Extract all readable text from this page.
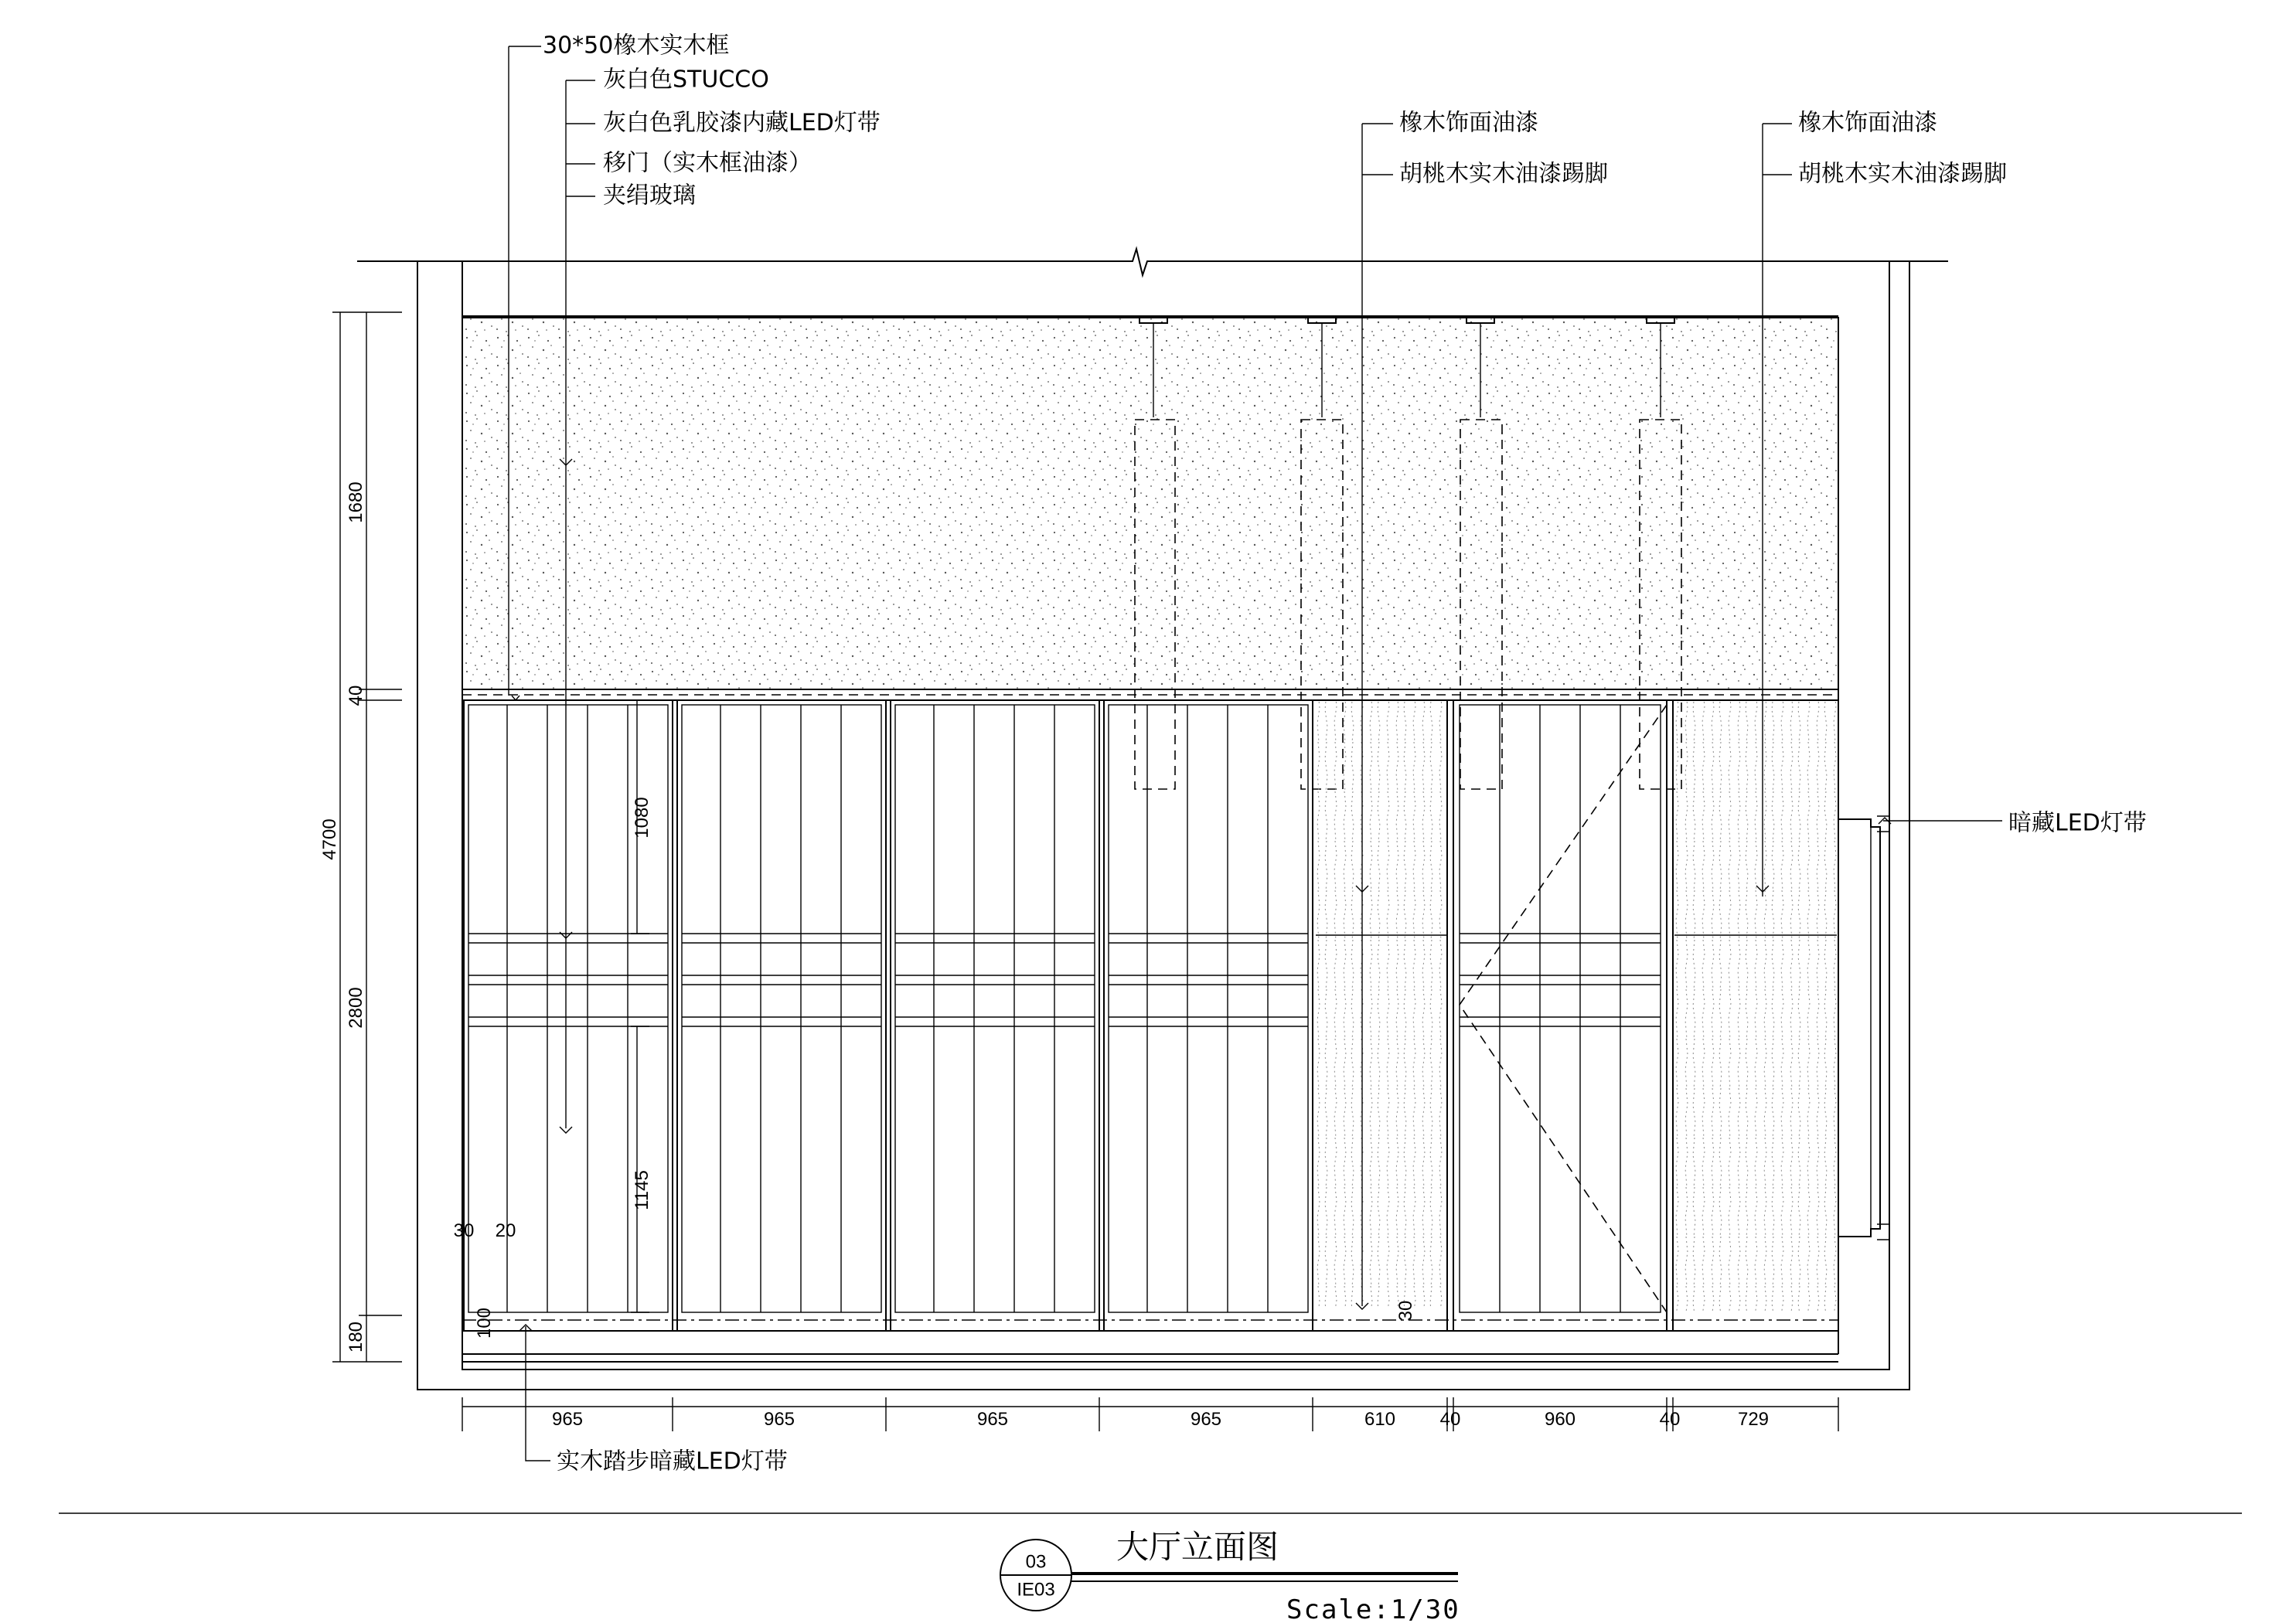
30*50橡木实木框
灰白色STUCCO
灰白色乳胶漆内藏LED灯带
移门（实木框油漆）
夹绢玻璃
橡木饰面油漆
胡桃木实木油漆踢脚
橡木饰面油漆
胡桃木实木油漆踢脚
暗藏LED灯带
实木踏步暗藏LED灯带
4700
1680
40
2800
180
1080
1145
30 20
100	30
965	965	965	965	610 40	960	40	729
03
IE03
大厅立面图
Scale:1/30
